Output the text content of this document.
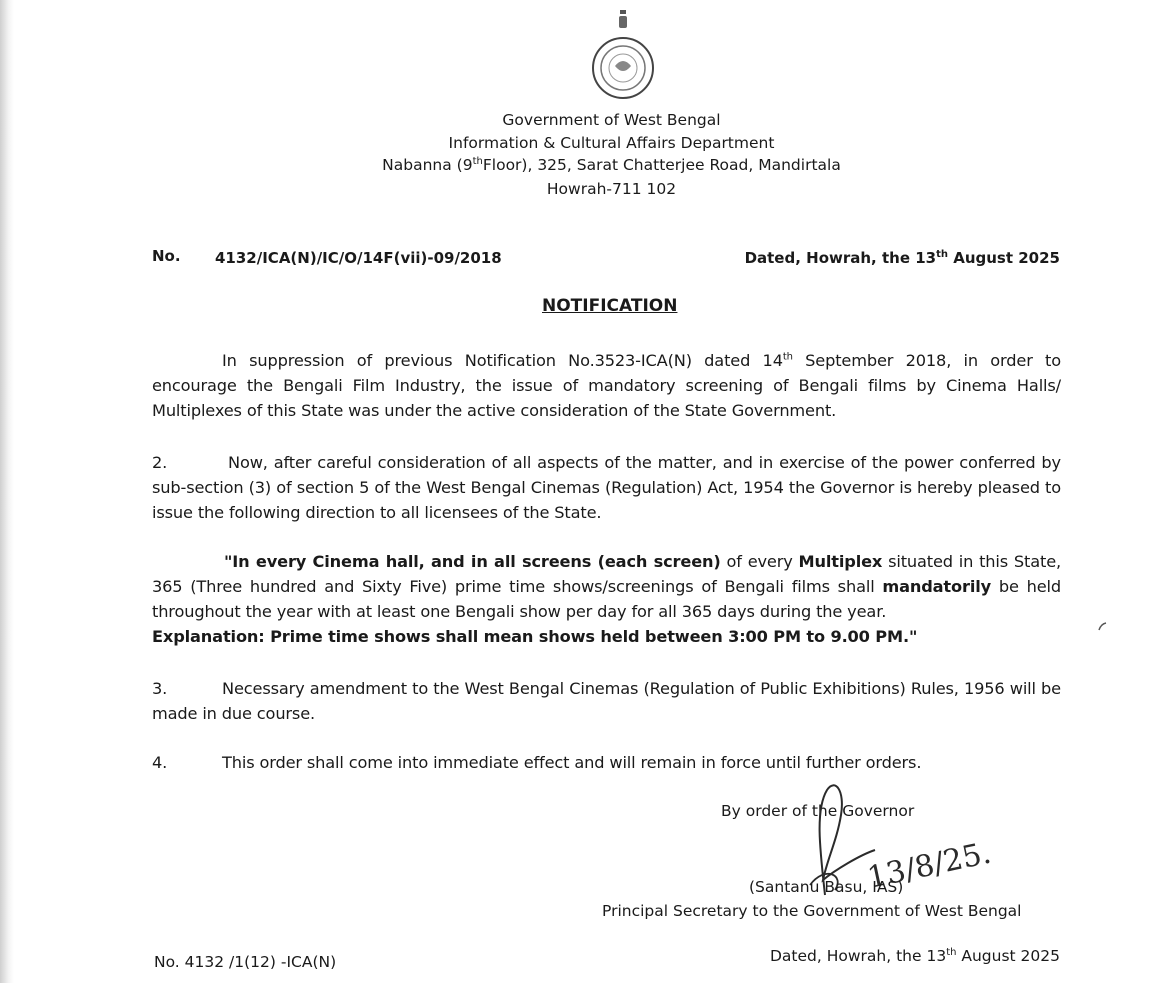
Government of West Bengal
Information & Cultural Affairs Department
Nabanna (9thFloor), 325, Sarat Chatterjee Road, Mandirtala
Howrah-711 102
No. 4132/ICA(N)/IC/O/14F(vii)-09/2018	Dated, Howrah, the 13th August 2025
NOTIFICATION
In suppression of previous Notification No.3523-ICA(N) dated 14th September 2018, in order to encourage the Bengali Film Industry, the issue of mandatory screening of Bengali films by Cinema Halls/ Multiplexes of this State was under the active consideration of the State Government.
2.	Now, after careful consideration of all aspects of the matter, and in exercise of the power conferred by sub-section (3) of section 5 of the West Bengal Cinemas (Regulation) Act, 1954 the Governor is hereby pleased to issue the following direction to all licensees of the State.
"In every Cinema hall, and in all screens (each screen) of every Multiplex situated in this State, 365 (Three hundred and Sixty Five) prime time shows/screenings of Bengali films shall mandatorily be held throughout the year with at least one Bengali show per day for all 365 days during the year.
Explanation: Prime time shows shall mean shows held between 3:00 PM to 9.00 PM."
3.	Necessary amendment to the West Bengal Cinemas (Regulation of Public Exhibitions) Rules, 1956 will be made in due course.
4.	This order shall come into immediate effect and will remain in force until further orders.
By order of the Governor
13/8/25.
(Santanu Basu, IAS)
Principal Secretary to the Government of West Bengal
No. 4132 /1(12) -ICA(N)	Dated, Howrah, the 13th August 2025
